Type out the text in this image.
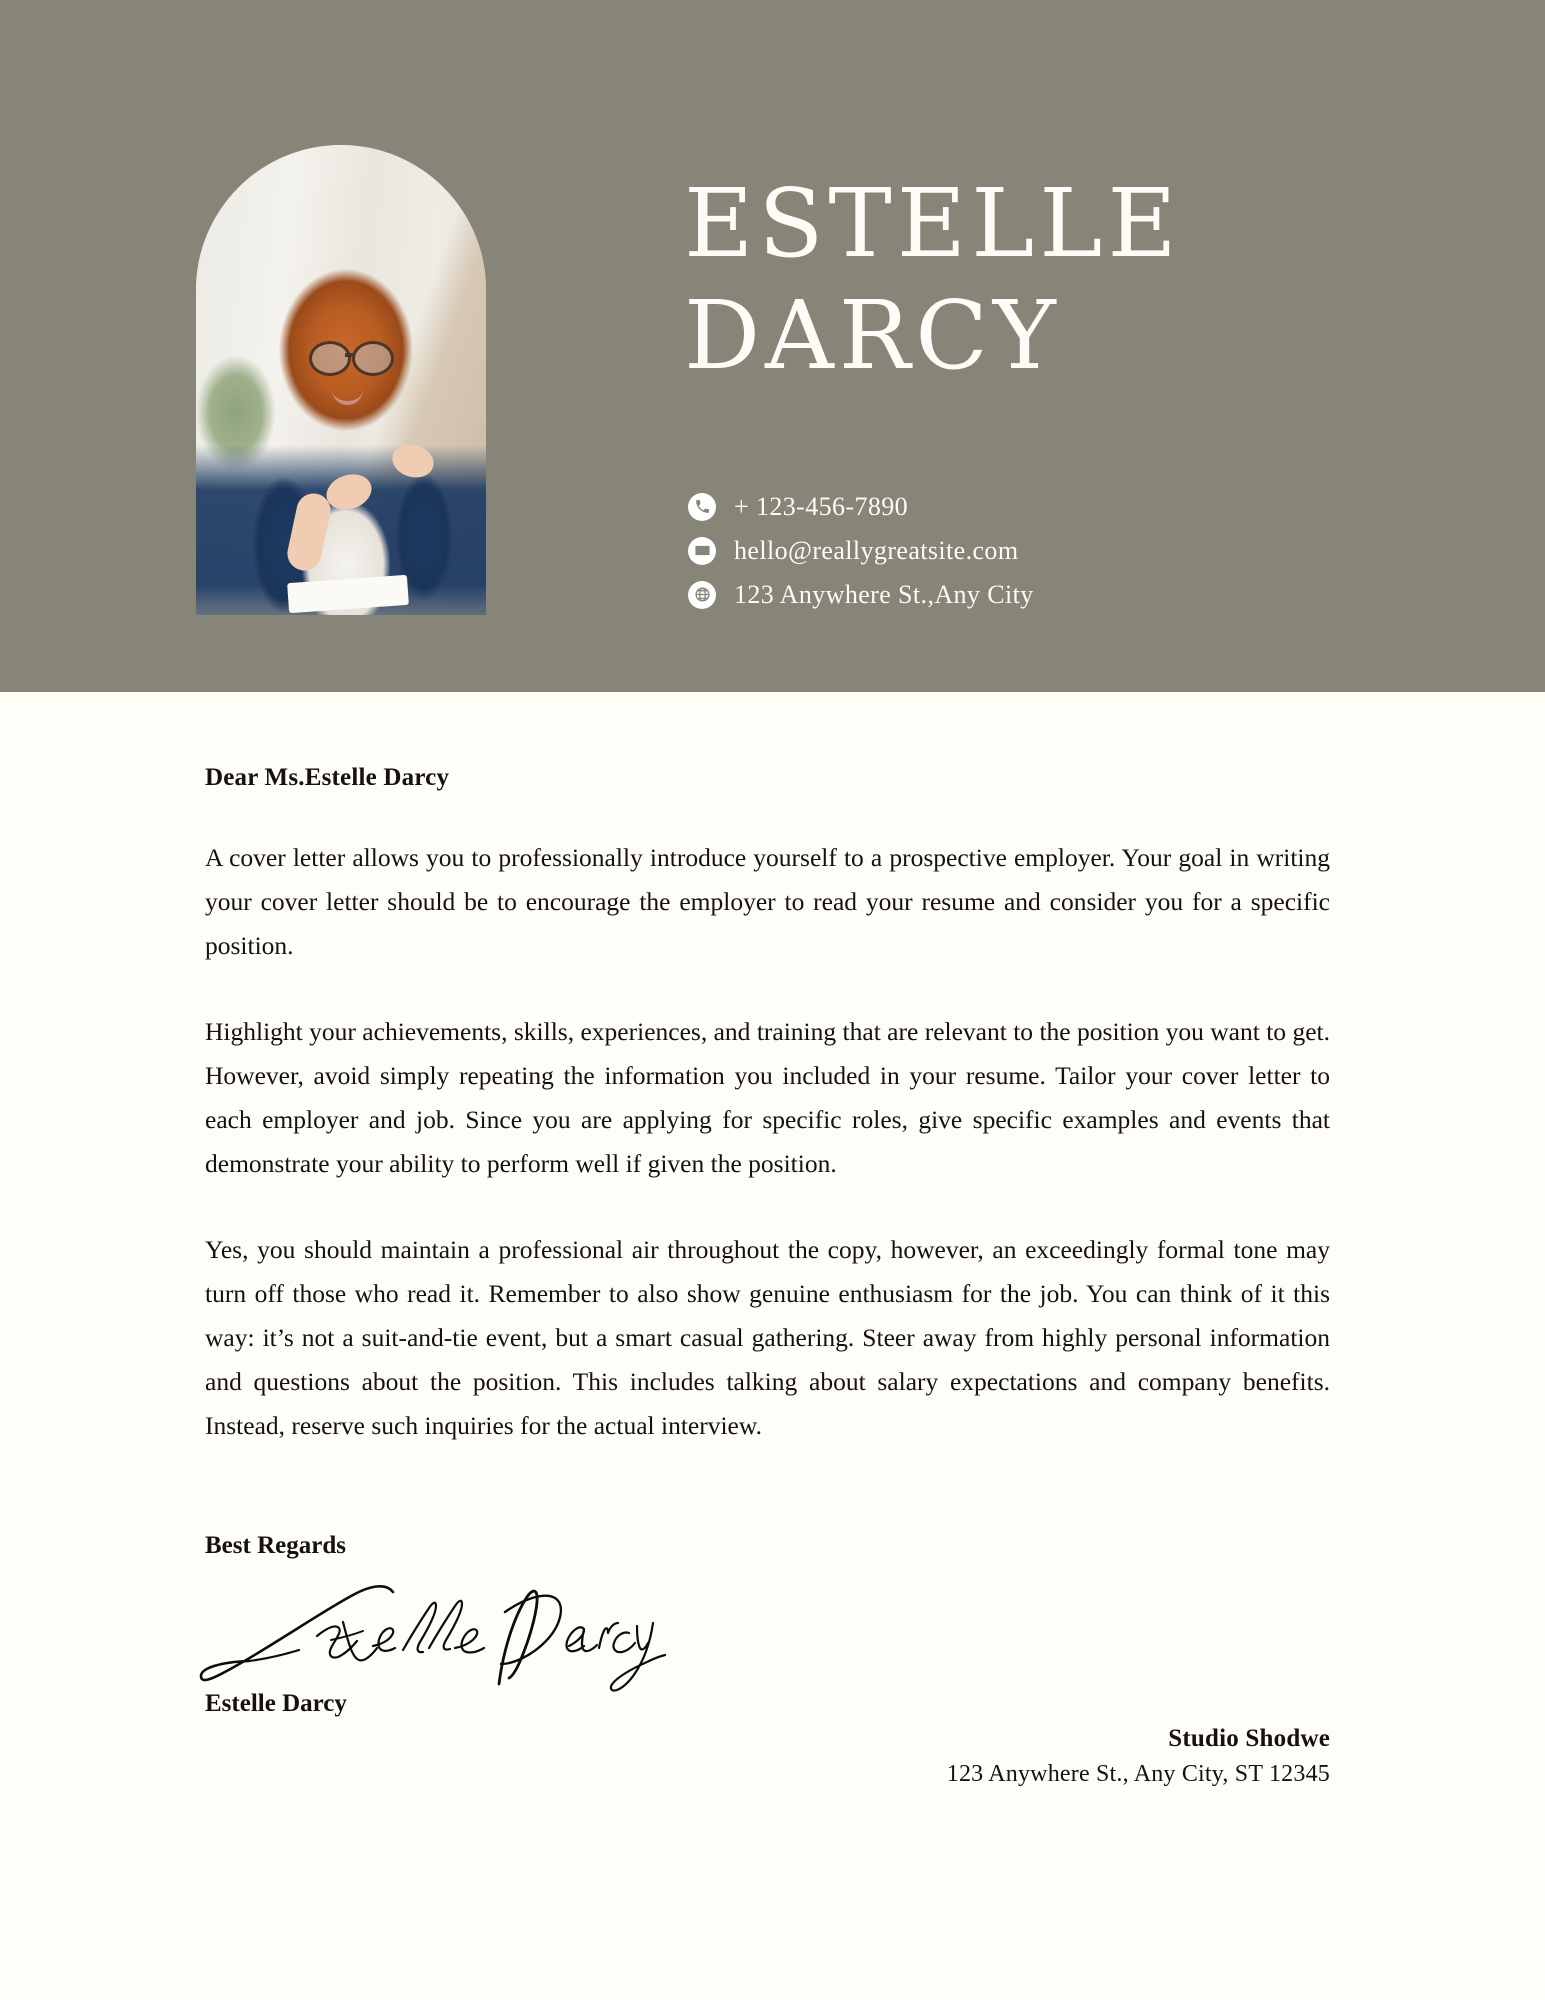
ESTELLE
DARCY
+ 123-456-7890
hello@reallygreatsite.com
123 Anywhere St.,Any City
Dear Ms.Estelle Darcy

A cover letter allows you to professionally introduce yourself to a prospective employer. Your goal in writing your cover letter should be to encourage the employer to read your resume and consider you for a specific position.

Highlight your achievements, skills, experiences, and training that are relevant to the position you want to get. However, avoid simply repeating the information you included in your resume. Tailor your cover letter to each employer and job. Since you are applying for specific roles, give specific examples and events that demonstrate your ability to perform well if given the position.

Yes, you should maintain a professional air throughout the copy, however, an exceedingly formal tone may turn off those who read it. Remember to also show genuine enthusiasm for the job. You can think of it this way: it’s not a suit-and-tie event, but a smart casual gathering. Steer away from highly personal information and questions about the position. This includes talking about salary expectations and company benefits. Instead, reserve such inquiries for the actual interview.

Best Regards
Estelle Darcy
Studio Shodwe
123 Anywhere St., Any City, ST 12345
